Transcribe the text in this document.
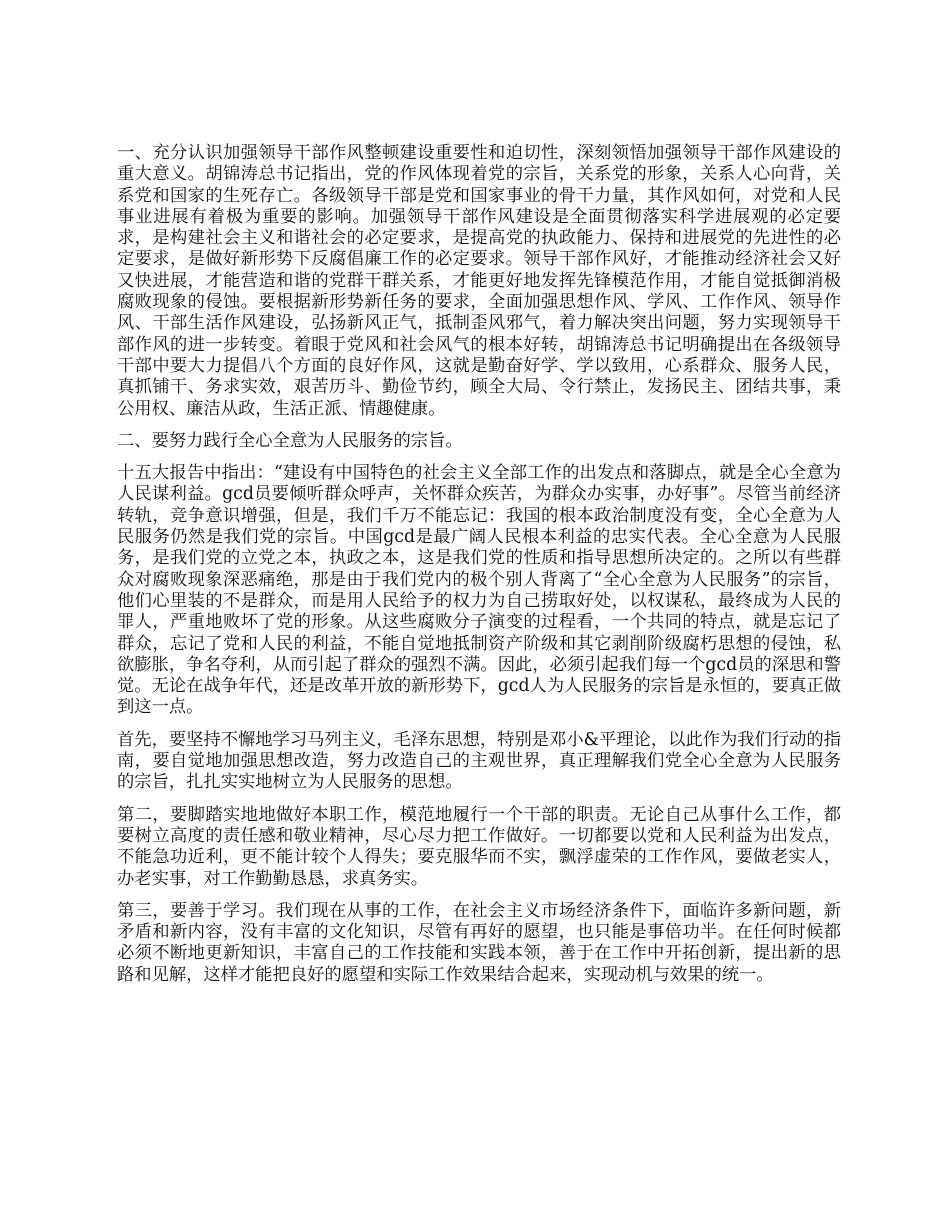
一、充分认识加强领导干部作风整顿建设重要性和迫切性，深刻领悟加强领导干部作风建设的重大意义。胡锦涛总书记指出，党的作风体现着党的宗旨，关系党的形象，关系人心向背，关系党和国家的生死存亡。各级领导干部是党和国家事业的骨干力量，其作风如何，对党和人民事业进展有着极为重要的影响。加强领导干部作风建设是全面贯彻落实科学进展观的必定要求，是构建社会主义和谐社会的必定要求，是提高党的执政能力、保持和进展党的先进性的必定要求，是做好新形势下反腐倡廉工作的必定要求。领导干部作风好，才能推动经济社会又好又快进展，才能营造和谐的党群干群关系，才能更好地发挥先锋模范作用，才能自觉抵御消极腐败现象的侵蚀。要根据新形势新任务的要求，全面加强思想作风、学风、工作作风、领导作风、干部生活作风建设，弘扬新风正气，抵制歪风邪气，着力解决突出问题，努力实现领导干部作风的进一步转变。着眼于党风和社会风气的根本好转，胡锦涛总书记明确提出在各级领导干部中要大力提倡八个方面的良好作风，这就是勤奋好学、学以致用，心系群众、服务人民，真抓铺干、务求实效，艰苦历斗、勤俭节约，顾全大局、令行禁止，发扬民主、团结共事，秉公用权、廉洁从政，生活正派、情趣健康。

二、要努力践行全心全意为人民服务的宗旨。

十五大报告中指出：“建设有中国特色的社会主义全部工作的出发点和落脚点，就是全心全意为人民谋利益。gcd员要倾听群众呼声，关怀群众疾苦，为群众办实事，办好事”。尽管当前经济转轨，竞争意识增强，但是，我们千万不能忘记：我国的根本政治制度没有变，全心全意为人民服务仍然是我们党的宗旨。中国gcd是最广阔人民根本利益的忠实代表。全心全意为人民服务，是我们党的立党之本，执政之本，这是我们党的性质和指导思想所决定的。之所以有些群众对腐败现象深恶痛绝，那是由于我们党内的极个别人背离了“全心全意为人民服务”的宗旨，他们心里装的不是群众，而是用人民给予的权力为自己捞取好处，以权谋私，最终成为人民的罪人，严重地败坏了党的形象。从这些腐败分子演变的过程看，一个共同的特点，就是忘记了群众，忘记了党和人民的利益，不能自觉地抵制资产阶级和其它剥削阶级腐朽思想的侵蚀，私欲膨胀，争名夺利，从而引起了群众的强烈不满。因此，必须引起我们每一个gcd员的深思和警觉。无论在战争年代，还是改革开放的新形势下，gcd人为人民服务的宗旨是永恒的，要真正做到这一点。

首先，要坚持不懈地学习马列主义，毛泽东思想，特别是邓小&平理论，以此作为我们行动的指南，要自觉地加强思想改造，努力改造自己的主观世界，真正理解我们党全心全意为人民服务的宗旨，扎扎实实地树立为人民服务的思想。

第二，要脚踏实地地做好本职工作，模范地履行一个干部的职责。无论自己从事什么工作，都要树立高度的责任感和敬业精神，尽心尽力把工作做好。一切都要以党和人民利益为出发点，不能急功近利，更不能计较个人得失；要克服华而不实，飘浮虚荣的工作作风，要做老实人，办老实事，对工作勤勤恳恳，求真务实。

第三，要善于学习。我们现在从事的工作，在社会主义市场经济条件下，面临许多新问题，新矛盾和新内容，没有丰富的文化知识，尽管有再好的愿望，也只能是事倍功半。在任何时候都必须不断地更新知识，丰富自己的工作技能和实践本领，善于在工作中开拓创新，提出新的思路和见解，这样才能把良好的愿望和实际工作效果结合起来，实现动机与效果的统一。
